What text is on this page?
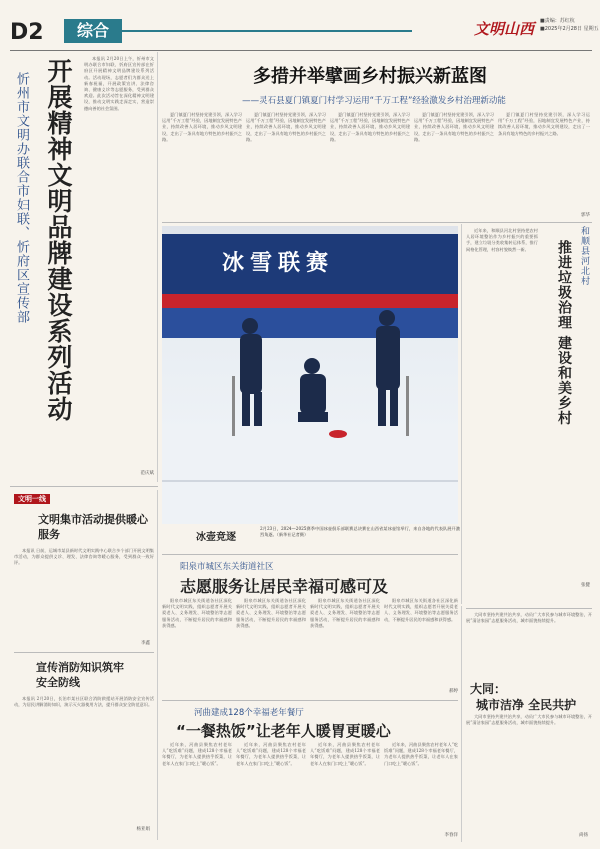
D2	综合	文明山西 ■责编：苏红杭
■2025年2月28日 星期五
开展精神文明品牌建设系列活动
忻州市文明办联合市妇联、忻府区宣传部

本报讯 2月20日上午，忻州市文明办联合市妇联、忻府区宣传部在忻府区开展精神文明品牌建设系列活动。活动现场，志愿者们为群众送上新春祝福，开展政策宣讲、法律咨询、健康义诊等志愿服务，受到群众欢迎。此次活动旨在深化精神文明建设，推动文明实践走深走实，营造崇德向善的社会氛围。

范庆斌
文明一线
文明集市活动提供暖心服务

本报讯 日前，运城市某县新时代文明实践中心联合多个部门开展文明集市活动，为群众提供义诊、理发、法律咨询等暖心服务，受到群众一致好评。

李鑫
宣传消防知识筑牢安全防线

本报讯 2月20日，长治市某社区联合消防救援站开展消防安全宣传活动，为居民讲解消防知识，演示灭火器使用方法，提升群众安全防范意识。

杨亚娟
多措并举擘画乡村振兴新蓝图
——灵石县夏门镇夏门村学习运用“千万工程”经验激发乡村治理新动能

夏门镇夏门村坚持党建引领，深入学习运用“千万工程”经验，因地制宜发展特色产业，持续改善人居环境，推动乡风文明建设，走出了一条具有地方特色的乡村振兴之路。

夏门镇夏门村坚持党建引领，深入学习运用“千万工程”经验，因地制宜发展特色产业，持续改善人居环境，推动乡风文明建设，走出了一条具有地方特色的乡村振兴之路。

夏门镇夏门村坚持党建引领，深入学习运用“千万工程”经验，因地制宜发展特色产业，持续改善人居环境，推动乡风文明建设，走出了一条具有地方特色的乡村振兴之路。

夏门镇夏门村坚持党建引领，深入学习运用“千万工程”经验，因地制宜发展特色产业，持续改善人居环境，推动乡风文明建设，走出了一条具有地方特色的乡村振兴之路。

夏门镇夏门村坚持党建引领，深入学习运用“千万工程”经验，因地制宜发展特色产业，持续改善人居环境，推动乡风文明建设，走出了一条具有地方特色的乡村振兴之路。

郭华
冰雪联赛
冰壶竞逐

2月23日，2024—2025赛季中国冰壶俱乐部联赛总决赛在山西省某冰壶馆举行，来自各地的代表队展开激烈角逐。（新华社记者摄）

近年来，和顺县河北村坚持把农村人居环境整治作为乡村振兴的重要抓手，建立垃圾分类收集转运体系，推行网格化管理，村容村貌焕然一新。	和顺县河北村
推进垃圾治理 建设和美乡村
张健
阳泉市城区东关街道社区
志愿服务让居民幸福可感可及

阳泉市城区东关街道各社区深化新时代文明实践，组织志愿者开展关爱老人、义务理发、环境整治等志愿服务活动，不断提升居民的幸福感和获得感。

阳泉市城区东关街道各社区深化新时代文明实践，组织志愿者开展关爱老人、义务理发、环境整治等志愿服务活动，不断提升居民的幸福感和获得感。

阳泉市城区东关街道各社区深化新时代文明实践，组织志愿者开展关爱老人、义务理发、环境整治等志愿服务活动，不断提升居民的幸福感和获得感。

阳泉市城区东关街道各社区深化新时代文明实践，组织志愿者开展关爱老人、义务理发、环境整治等志愿服务活动，不断提升居民的幸福感和获得感。

郝婷 大同：
城市洁净 全民共护

大同市坚持共建共治共享，动员广大市民参与城市环境整治，开展“清洁家园”志愿服务活动，城市面貌持续提升。

大同市坚持共建共治共享，动员广大市民参与城市环境整治，开展“清洁家园”志愿服务活动，城市面貌持续提升。

尚扬
河曲建成128个幸福老年餐厅
“一餐热饭”让老年人暖胃更暖心

近年来，河曲县聚焦农村老年人“吃饭难”问题，建成128个幸福老年餐厅，为老年人提供热乎饭菜，让老年人在家门口吃上“暖心饭”。

近年来，河曲县聚焦农村老年人“吃饭难”问题，建成128个幸福老年餐厅，为老年人提供热乎饭菜，让老年人在家门口吃上“暖心饭”。

近年来，河曲县聚焦农村老年人“吃饭难”问题，建成128个幸福老年餐厅，为老年人提供热乎饭菜，让老年人在家门口吃上“暖心饭”。

近年来，河曲县聚焦农村老年人“吃饭难”问题，建成128个幸福老年餐厅，为老年人提供热乎饭菜，让老年人在家门口吃上“暖心饭”。

李春洋
